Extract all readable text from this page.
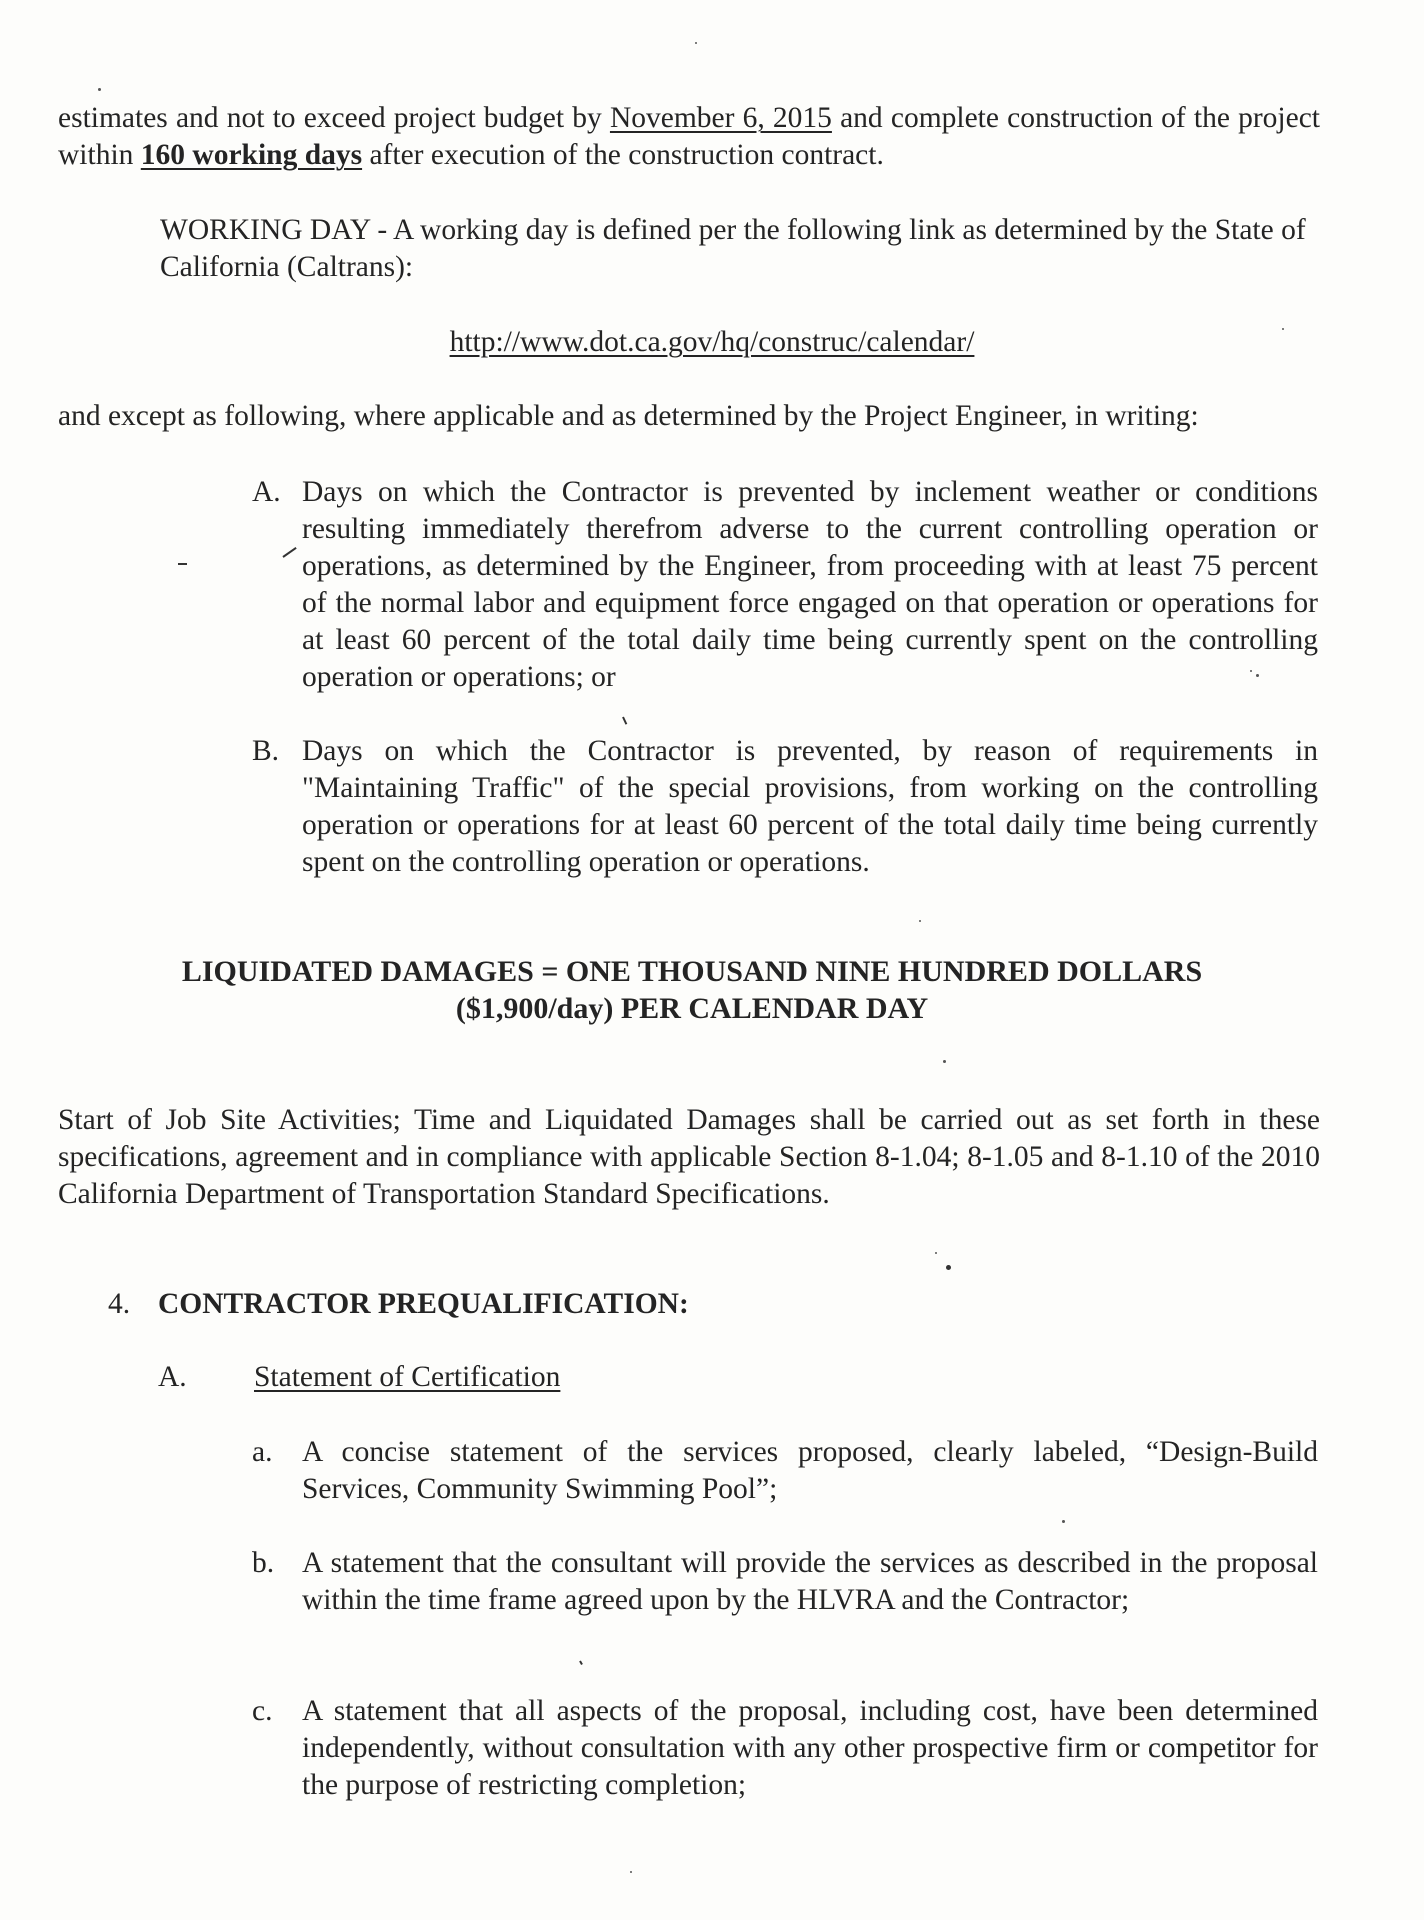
estimates and not to exceed project budget by November 6, 2015 and complete construction of the project within 160 working days after execution of the construction contract.

WORKING DAY - A working day is defined per the following link as determined by the State of California (Caltrans):

http://www.dot.ca.gov/hq/construc/calendar/

and except as following, where applicable and as determined by the Project Engineer, in writing:

A. Days on which the Contractor is prevented by inclement weather or conditions resulting immediately therefrom adverse to the current controlling operation or operations, as determined by the Engineer, from proceeding with at least 75 percent of the normal labor and equipment force engaged on that operation or operations for at least 60 percent of the total daily time being currently spent on the controlling operation or operations; or

B. Days on which the Contractor is prevented, by reason of requirements in "Maintaining Traffic" of the special provisions, from working on the controlling operation or operations for at least 60 percent of the total daily time being currently spent on the controlling operation or operations.

LIQUIDATED DAMAGES = ONE THOUSAND NINE HUNDRED DOLLARS
($1,900/day) PER CALENDAR DAY

Start of Job Site Activities; Time and Liquidated Damages shall be carried out as set forth in these specifications, agreement and in compliance with applicable Section 8-1.04; 8-1.05 and 8-1.10 of the 2010 California Department of Transportation Standard Specifications.

4. CONTRACTOR PREQUALIFICATION:
A. Statement of Certification
a. A concise statement of the services proposed, clearly labeled, “Design-Build Services, Community Swimming Pool”;

b. A statement that the consultant will provide the services as described in the proposal within the time frame agreed upon by the HLVRA and the Contractor;

c. A statement that all aspects of the proposal, including cost, have been determined independently, without consultation with any other prospective firm or competitor for the purpose of restricting completion;
